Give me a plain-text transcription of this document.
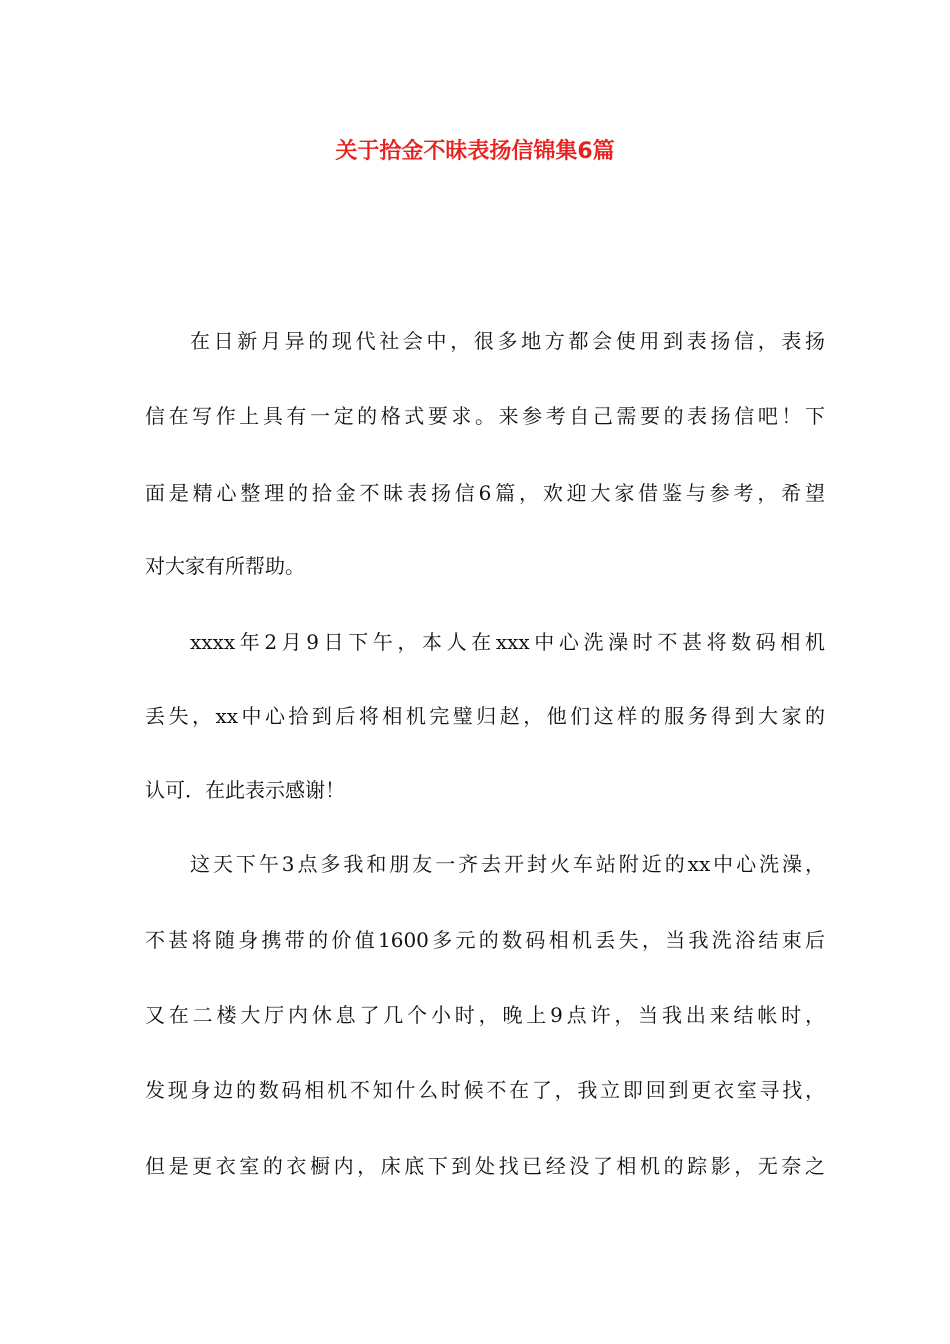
关于拾金不昧表扬信锦集6篇
在日新月异的现代社会中，很多地方都会使用到表扬信，表扬
信在写作上具有一定的格式要求。来参考自己需要的表扬信吧！下
面是精心整理的拾金不昧表扬信6篇，欢迎大家借鉴与参考，希望
对大家有所帮助。
xxxx年2月9日下午，本人在xxx中心洗澡时不甚将数码相机
丢失，xx中心拾到后将相机完璧归赵，他们这样的服务得到大家的
认可．在此表示感谢！
这天下午3点多我和朋友一齐去开封火车站附近的xx中心洗澡，
不甚将随身携带的价值1600多元的数码相机丢失，当我洗浴结束后
又在二楼大厅内休息了几个小时，晚上9点许，当我出来结帐时，
发现身边的数码相机不知什么时候不在了，我立即回到更衣室寻找，
但是更衣室的衣橱内，床底下到处找已经没了相机的踪影，无奈之
